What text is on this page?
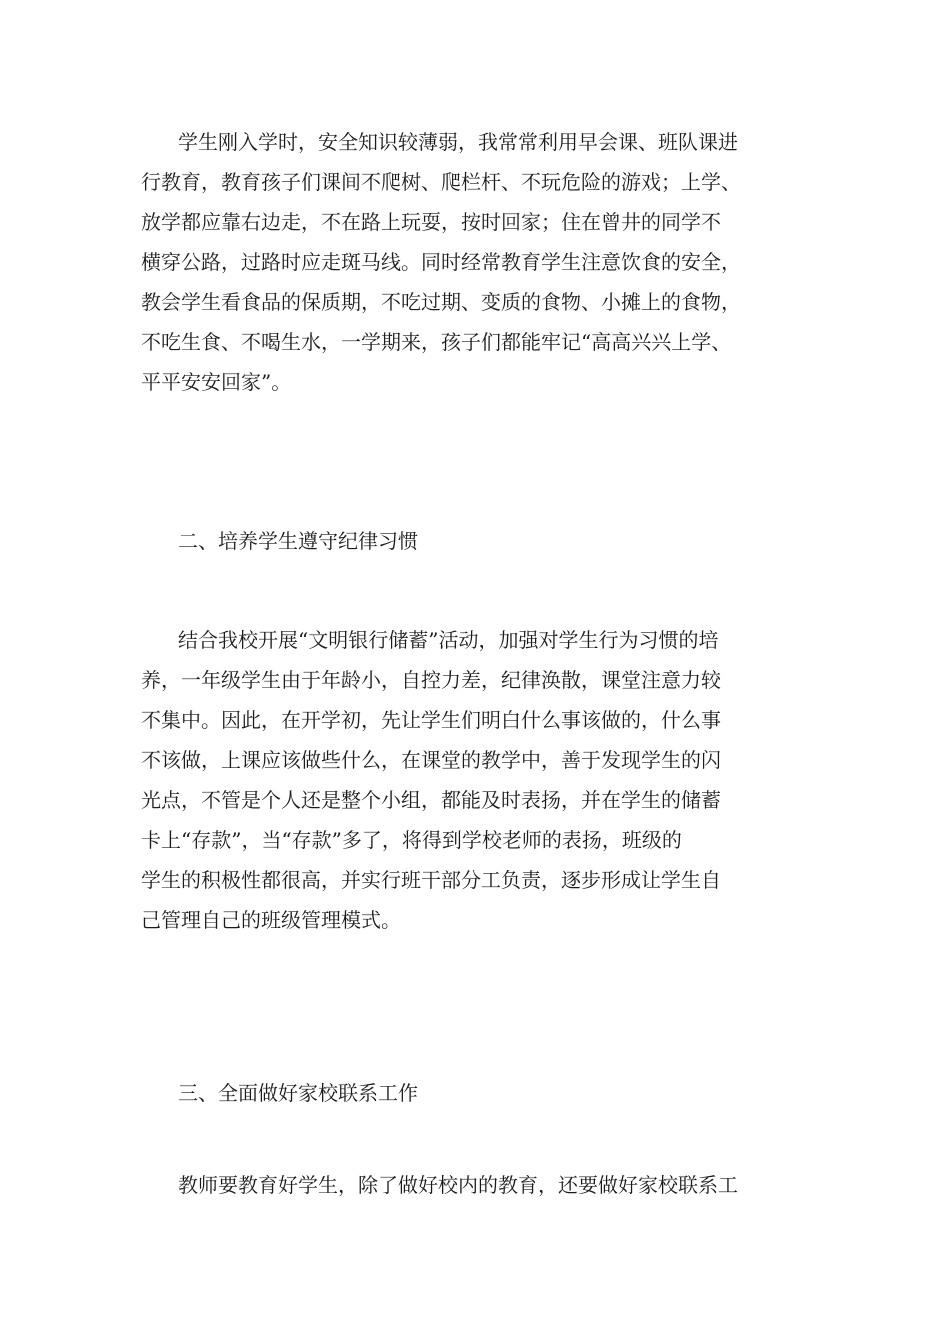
学生刚入学时，安全知识较薄弱，我常常利用早会课、班队课进
行教育，教育孩子们课间不爬树、爬栏杆、不玩危险的游戏；上学、
放学都应靠右边走，不在路上玩耍，按时回家；住在曾井的同学不
横穿公路，过路时应走斑马线。同时经常教育学生注意饮食的安全，
教会学生看食品的保质期，不吃过期、变质的食物、小摊上的食物，
不吃生食、不喝生水，一学期来，孩子们都能牢记“高高兴兴上学、
平平安安回家”。
二、培养学生遵守纪律习惯
结合我校开展“文明银行储蓄”活动，加强对学生行为习惯的培
养，一年级学生由于年龄小，自控力差，纪律涣散，课堂注意力较
不集中。因此，在开学初，先让学生们明白什么事该做的，什么事
不该做，上课应该做些什么，在课堂的教学中，善于发现学生的闪
光点，不管是个人还是整个小组，都能及时表扬，并在学生的储蓄
卡上“存款”，当“存款”多了，将得到学校老师的表扬，班级的
学生的积极性都很高，并实行班干部分工负责，逐步形成让学生自
己管理自己的班级管理模式。
三、全面做好家校联系工作
教师要教育好学生，除了做好校内的教育，还要做好家校联系工
